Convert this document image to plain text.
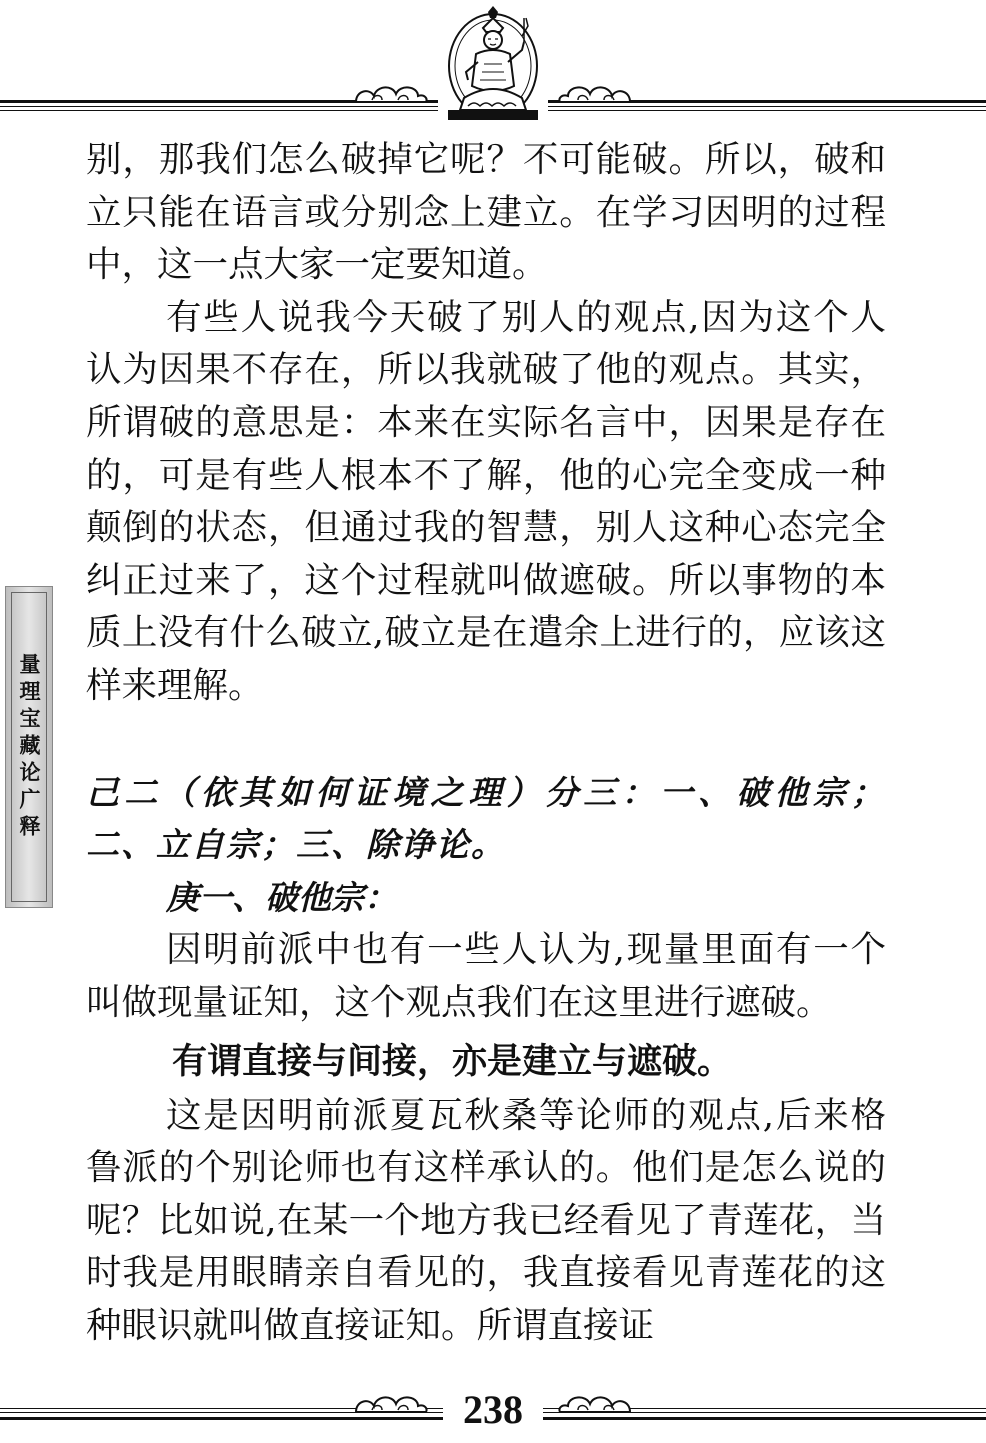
量理宝藏论广释

别，那我们怎么破掉它呢？不可能破。所以，破和立只能在语言或分别念上建立。在学习因明的过程中，这一点大家一定要知道。

有些人说我今天破了别人的观点,因为这个人认为因果不存在，所以我就破了他的观点。其实，所谓破的意思是：本来在实际名言中，因果是存在的，可是有些人根本不了解，他的心完全变成一种颠倒的状态，但通过我的智慧，别人这种心态完全纠正过来了，这个过程就叫做遮破。所以事物的本质上没有什么破立,破立是在遣余上进行的，应该这样来理解。

己二（依其如何证境之理）分三：一、破他宗；二、立自宗；三、除诤论。

庚一、破他宗：

因明前派中也有一些人认为,现量里面有一个叫做现量证知，这个观点我们在这里进行遮破。

有谓直接与间接，亦是建立与遮破。

这是因明前派夏瓦秋桑等论师的观点,后来格鲁派的个别论师也有这样承认的。他们是怎么说的呢？比如说,在某一个地方我已经看见了青莲花，当时我是用眼睛亲自看见的，我直接看见青莲花的这种眼识就叫做直接证知。所谓直接证

238
